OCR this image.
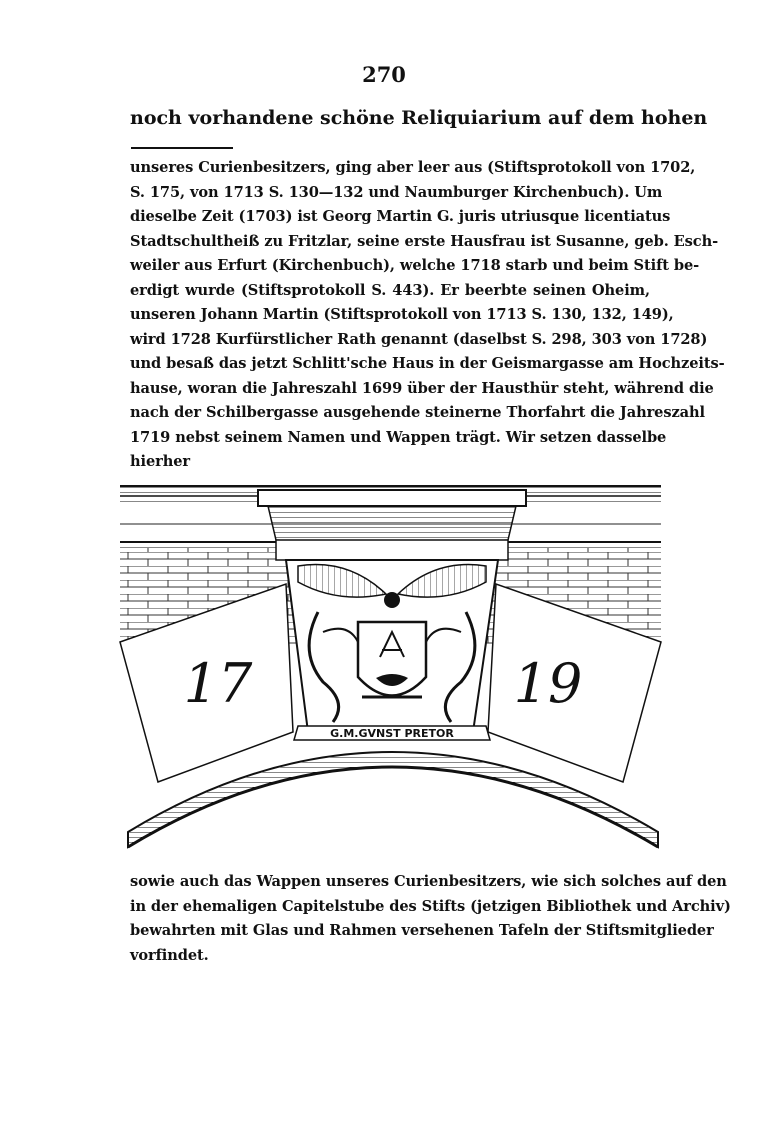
270
noch vorhandene schöne Reliquiarium auf dem hohen
unseres Curienbesitzers, ging aber leer aus (Stiftsprotokoll von 1702,
S. 175, von 1713 S. 130—132 und Naumburger Kirchenbuch). Um
dieselbe Zeit (1703) ist Georg Martin G. juris utriusque licentiatus
Stadtschultheiß zu Fritzlar, seine erste Hausfrau ist Susanne, geb. Esch-
weiler aus Erfurt (Kirchenbuch), welche 1718 starb und beim Stift be-
erdigt wurde (Stiftsprotokoll S. 443). Er beerbte seinen Oheim,
unseren Johann Martin (Stiftsprotokoll von 1713 S. 130, 132, 149),
wird 1728 Kurfürstlicher Rath genannt (daselbst S. 298, 303 von 1728)
und besaß das jetzt Schlitt'sche Haus in der Geismargasse am Hochzeits-
hause, woran die Jahreszahl 1699 über der Hausthür steht, während die
nach der Schilbergasse ausgehende steinerne Thorfahrt die Jahreszahl
1719 nebst seinem Namen und Wappen trägt. Wir setzen dasselbe
hierher
G.M.GVNST PRETOR
17	19
sowie auch das Wappen unseres Curienbesitzers, wie sich solches auf den
in der ehemaligen Capitelstube des Stifts (jetzigen Bibliothek und Archiv)
bewahrten mit Glas und Rahmen versehenen Tafeln der Stiftsmitglieder
vorfindet.
